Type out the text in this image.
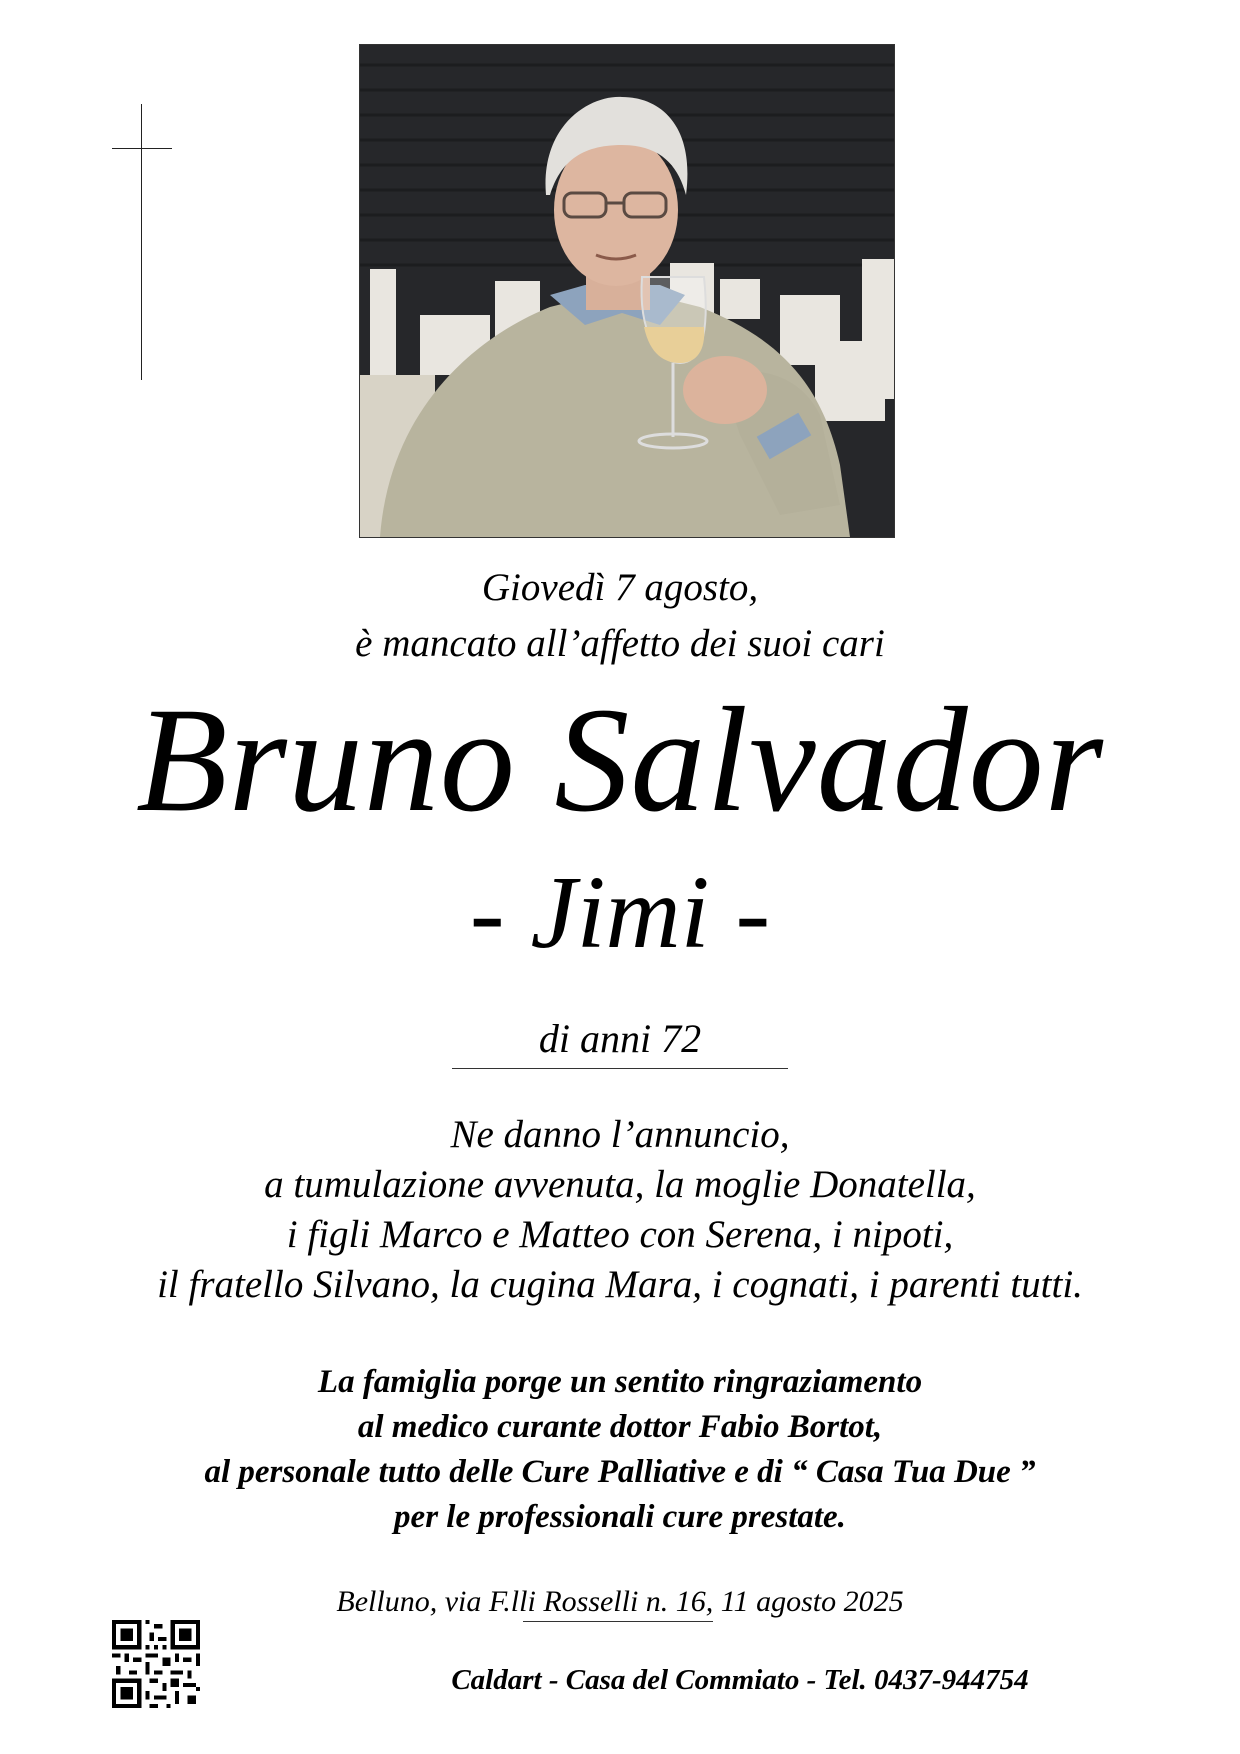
Giovedì 7 agosto,
è mancato all’affetto dei suoi cari
Bruno Salvador
- Jimi -
di anni 72
Ne danno l’annuncio,
a tumulazione avvenuta, la moglie Donatella,
i figli Marco e Matteo con Serena, i nipoti,
il fratello Silvano, la cugina Mara, i cognati, i parenti tutti.
La famiglia porge un sentito ringraziamento
al medico curante dottor Fabio Bortot,
al personale tutto delle Cure Palliative e di “ Casa Tua Due ”
per le professionali cure prestate.
Belluno, via F.lli Rosselli n. 16, 11 agosto 2025
Caldart - Casa del Commiato - Tel. 0437-944754
